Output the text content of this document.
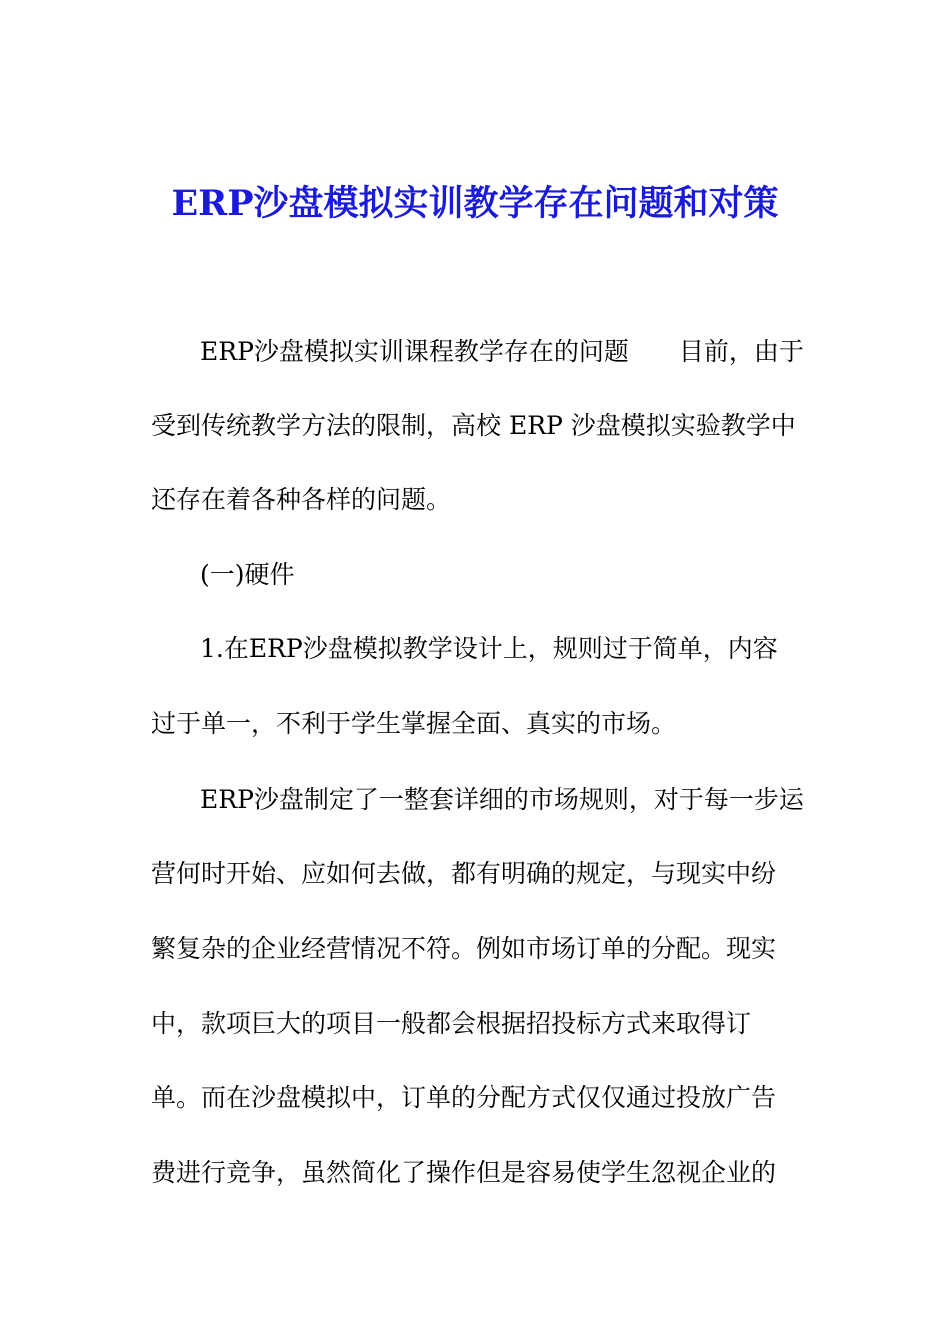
ERP沙盘模拟实训教学存在问题和对策

ERP沙盘模拟实训课程教学存在的问题 目前，由于

受到传统教学方法的限制，高校 ERP 沙盘模拟实验教学中

还存在着各种各样的问题。

(一)硬件

1.在ERP沙盘模拟教学设计上，规则过于简单，内容

过于单一，不利于学生掌握全面、真实的市场。

ERP沙盘制定了一整套详细的市场规则，对于每一步运

营何时开始、应如何去做，都有明确的规定，与现实中纷

繁复杂的企业经营情况不符。例如市场订单的分配。现实

中，款项巨大的项目一般都会根据招投标方式来取得订

单。而在沙盘模拟中，订单的分配方式仅仅通过投放广告

费进行竞争，虽然简化了操作但是容易使学生忽视企业的
